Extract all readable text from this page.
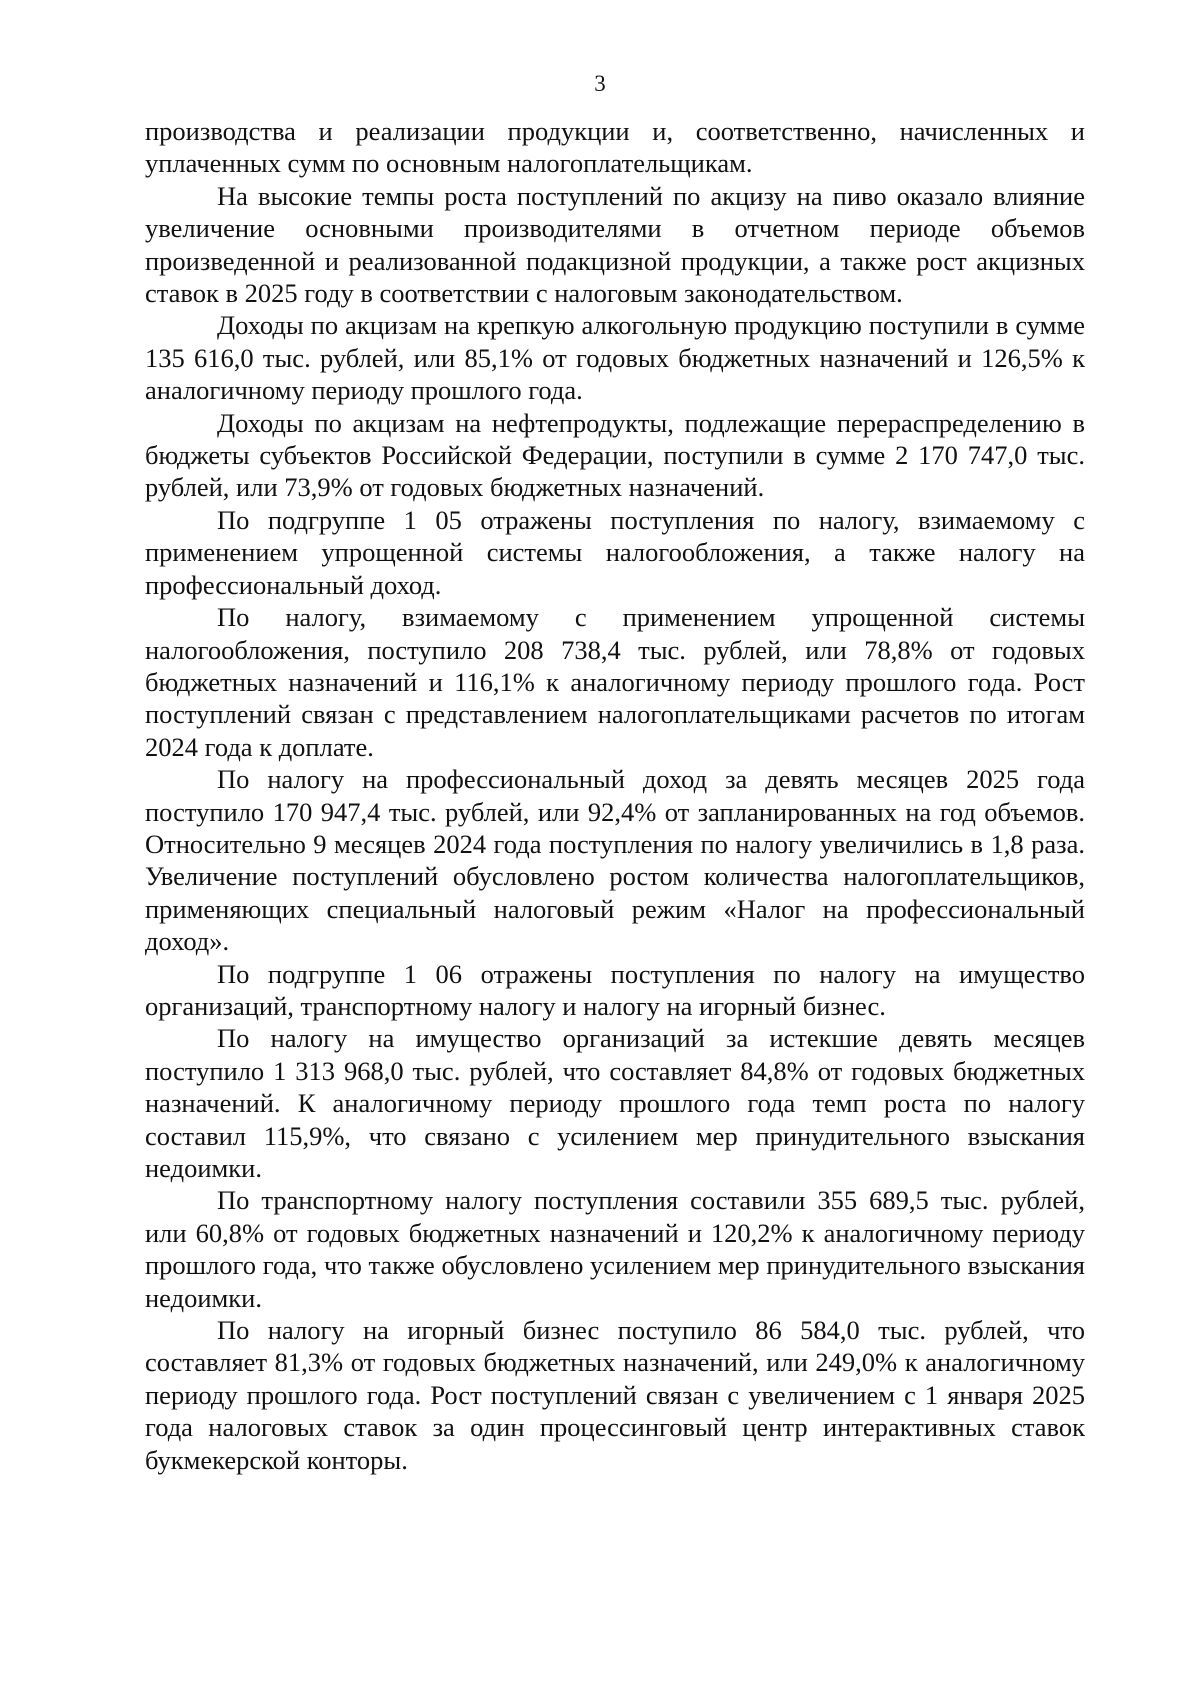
3

производства и реализации продукции и, соответственно, начисленных и уплаченных сумм по основным налогоплательщикам.

На высокие темпы роста поступлений по акцизу на пиво оказало влияние увеличение основными производителями в отчетном периоде объемов произведенной и реализованной подакцизной продукции, а также рост акцизных ставок в 2025 году в соответствии с налоговым законодательством.

Доходы по акцизам на крепкую алкогольную продукцию поступили в сумме 135 616,0 тыс. рублей, или 85,1% от годовых бюджетных назначений и 126,5% к аналогичному периоду прошлого года.

Доходы по акцизам на нефтепродукты, подлежащие перераспределению в бюджеты субъектов Российской Федерации, поступили в сумме 2 170 747,0 тыс. рублей, или 73,9% от годовых бюджетных назначений.

По подгруппе 1 05 отражены поступления по налогу, взимаемому с применением упрощенной системы налогообложения, а также налогу на профессиональный доход.

По налогу, взимаемому с применением упрощенной системы налогообложения, поступило 208 738,4 тыс. рублей, или 78,8% от годовых бюджетных назначений и 116,1% к аналогичному периоду прошлого года. Рост поступлений связан с представлением налогоплательщиками расчетов по итогам 2024 года к доплате.

По налогу на профессиональный доход за девять месяцев 2025 года поступило 170 947,4 тыс. рублей, или 92,4% от запланированных на год объемов. Относительно 9 месяцев 2024 года поступления по налогу увеличились в 1,8 раза. Увеличение поступлений обусловлено ростом количества налогоплательщиков, применяющих специальный налоговый режим «Налог на профессиональный доход».

По подгруппе 1 06 отражены поступления по налогу на имущество организаций, транспортному налогу и налогу на игорный бизнес.

По налогу на имущество организаций за истекшие девять месяцев поступило 1 313 968,0 тыс. рублей, что составляет 84,8% от годовых бюджетных назначений. К аналогичному периоду прошлого года темп роста по налогу составил 115,9%, что связано с усилением мер принудительного взыскания недоимки.

По транспортному налогу поступления составили 355 689,5 тыс. рублей, или 60,8% от годовых бюджетных назначений и 120,2% к аналогичному периоду прошлого года, что также обусловлено усилением мер принудительного взыскания недоимки.

По налогу на игорный бизнес поступило 86 584,0 тыс. рублей, что составляет 81,3% от годовых бюджетных назначений, или 249,0% к аналогичному периоду прошлого года. Рост поступлений связан с увеличением с 1 января 2025 года налоговых ставок за один процессинговый центр интерактивных ставок букмекерской конторы.
